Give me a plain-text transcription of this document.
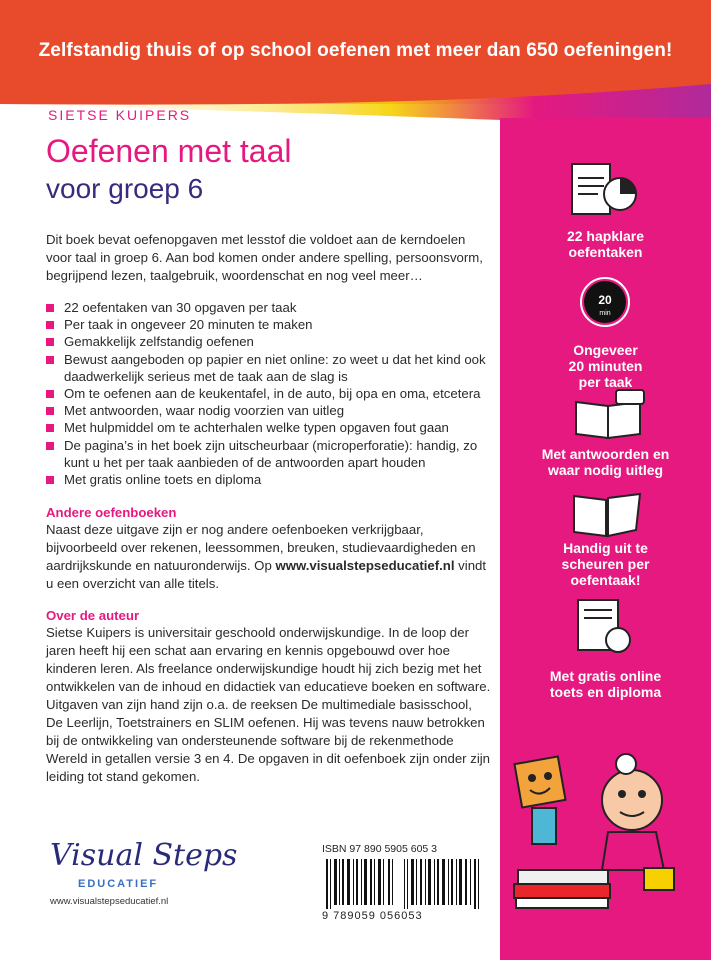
Zelfstandig thuis of op school oefenen met meer dan 650 oefeningen!
SIETSE KUIPERS
Oefenen met taal
voor groep 6
Dit boek bevat oefenopgaven met lesstof die voldoet aan de kerndoelen voor taal in groep 6. Aan bod komen onder andere spelling, persoonsvorm, begrijpend lezen, taalgebruik, woordenschat en nog veel meer…
22 oefentaken van 30 opgaven per taak
Per taak in ongeveer 20 minuten te maken
Gemakkelijk zelfstandig oefenen
Bewust aangeboden op papier en niet online: zo weet u dat het kind ook daadwerkelijk serieus met de taak aan de slag is
Om te oefenen aan de keukentafel, in de auto, bij opa en oma, etcetera
Met antwoorden, waar nodig voorzien van uitleg
Met hulpmiddel om te achterhalen welke typen opgaven fout gaan
De pagina’s in het boek zijn uitscheurbaar (microperforatie): handig, zo kunt u het per taak aanbieden of de antwoorden apart houden
Met gratis online toets en diploma
Andere oefenboeken
Naast deze uitgave zijn er nog andere oefenboeken verkrijgbaar, bijvoorbeeld over rekenen, leessommen, breuken, studievaardigheden en aardrijkskunde en natuuronderwijs. Op www.visualstepseducatief.nl vindt u een overzicht van alle titels.
Over de auteur
Sietse Kuipers is universitair geschoold onderwijskundige. In de loop der jaren heeft hij een schat aan ervaring en kennis opgebouwd over hoe kinderen leren. Als freelance onderwijskundige houdt hij zich bezig met het ontwikkelen van de inhoud en didactiek van educatieve boeken en software. Uitgaven van zijn hand zijn o.a. de reeksen De multimediale basisschool, De Leerlijn, Toetstrainers en SLIM oefenen. Hij was tevens nauw betrokken bij de ontwikkeling van ondersteunende software bij de rekenmethode Wereld in getallen versie 3 en 4. De opgaven in dit oefenboek zijn onder zijn leiding tot stand gekomen.
22 hapklare
oefentaken
20
min
Ongeveer
20 minuten
per taak
Met antwoorden en
waar nodig uitleg
Handig uit te
scheuren per
oefentaak!
Met gratis online
toets en diploma
Visual Steps
EDUCATIEF
www.visualstepseducatief.nl
ISBN 97 890 5905 605 3
9 789059 056053
